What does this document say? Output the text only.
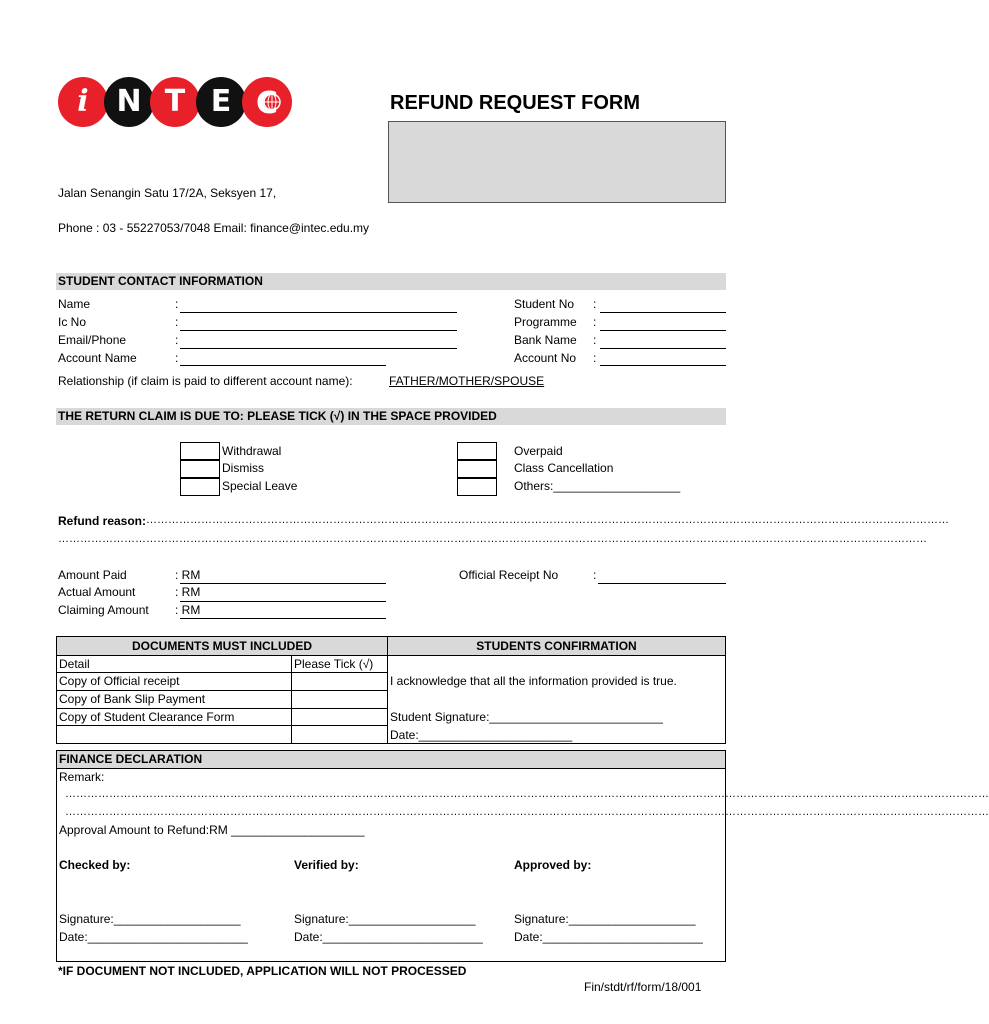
i N T E C	REFUND REQUEST FORM
Jalan Senangin Satu 17/2A, Seksyen 17,
Phone : 03 - 55227053/7048 Email: finance@intec.edu.my
STUDENT CONTACT INFORMATION
Name	:
Ic No	:
Email/Phone	:
Account Name	:
Student No :
Programme :
Bank Name :
Account No :
Relationship (if claim is paid to different account name):	FATHER/MOTHER/SPOUSE
THE RETURN CLAIM IS DUE TO: PLEASE TICK (√) IN THE SPACE PROVIDED
Withdrawal
Dismiss
Special Leave
Overpaid
Class Cancellation
Others:___________________
Refund reason: …………………………………………………………………………………………………………………………………………………………………………………………………
…………………………………………………………………………………………………………………………………………………………………………………………………………………
Amount Paid	: RM
Actual Amount	: RM
Claiming Amount : RM
Official Receipt No	:
DOCUMENTS MUST INCLUDED	STUDENTS CONFIRMATION
Detail	Please Tick (√)
Copy of Official receipt
Copy of Bank Slip Payment
Copy of Student Clearance Form
I acknowledge that all the information provided is true.
Student Signature:__________________________
Date:_______________________
FINANCE DECLARATION
Remark:
………………………………………………………………………………………………………………………………………………………………………………………………………………………………
………………………………………………………………………………………………………………………………………………………………………………………………………………………………
Approval Amount to Refund:RM ____________________
Checked by:	Verified by:	Approved by:
Signature:___________________	Signature:___________________	Signature:___________________
Date:________________________	Date:________________________	Date:________________________
*IF DOCUMENT NOT INCLUDED, APPLICATION WILL NOT PROCESSED
Fin/stdt/rf/form/18/001
